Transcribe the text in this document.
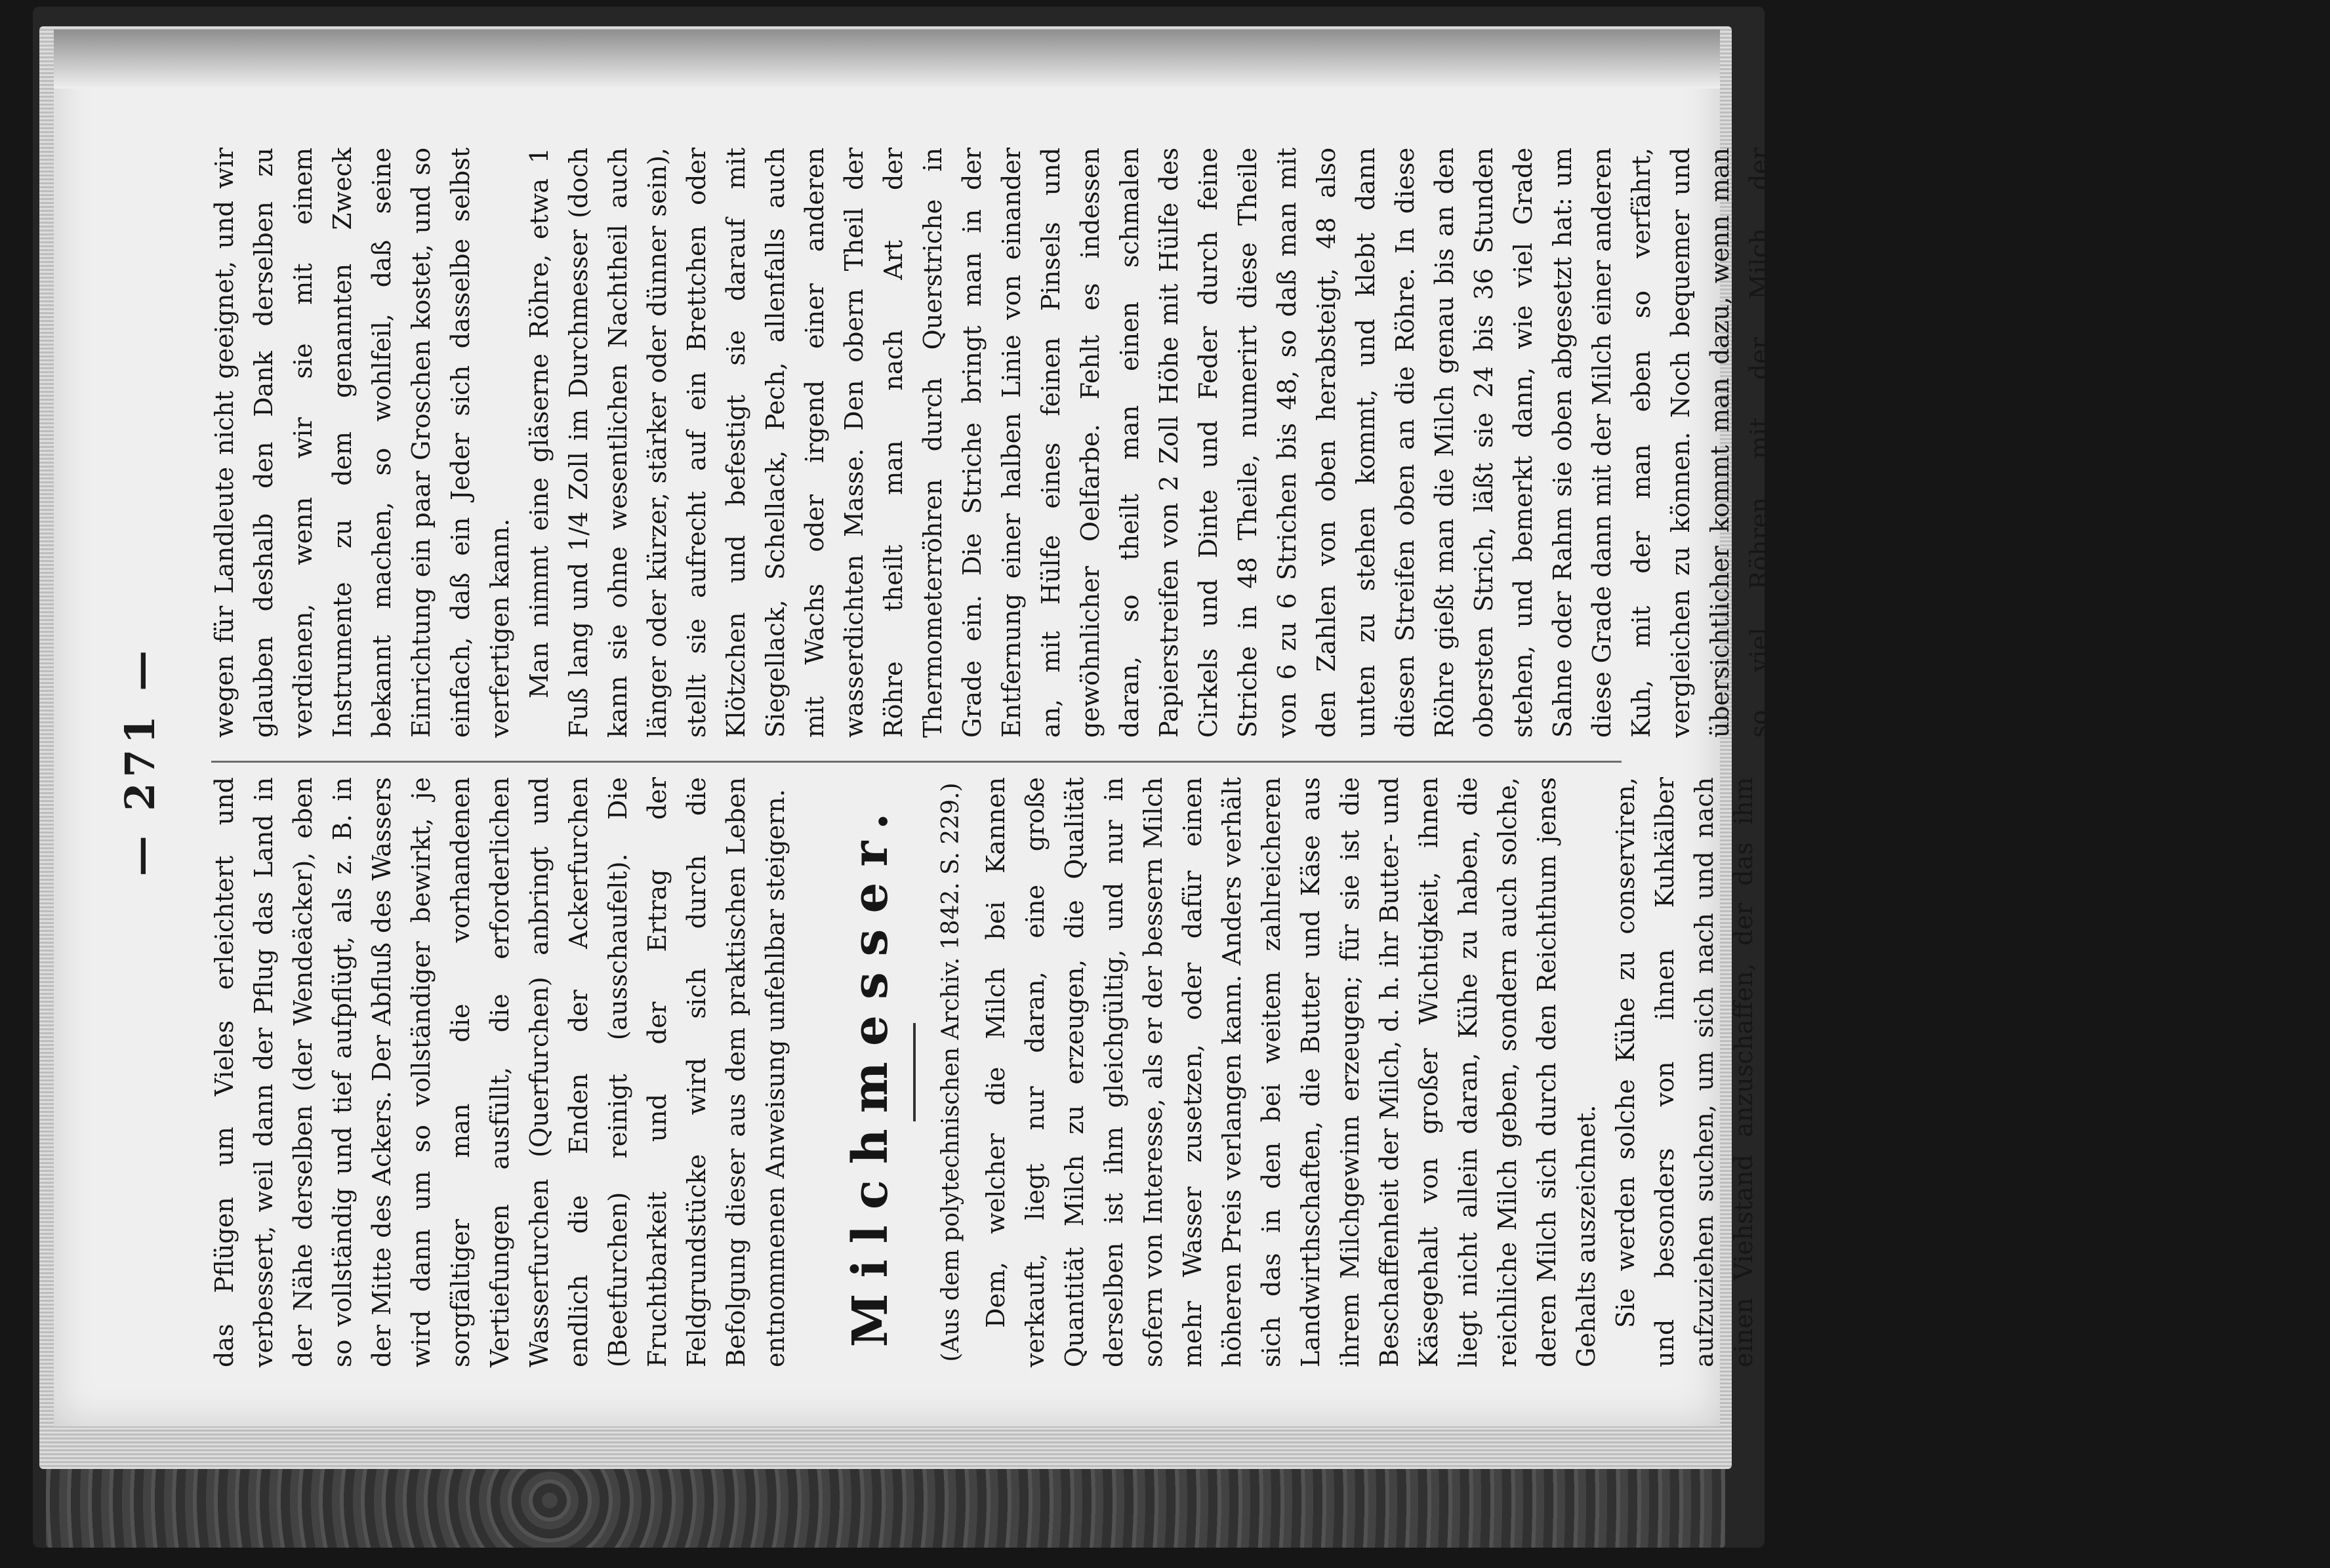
— 271 —

das Pflügen um Vieles erleichtert und verbessert, weil dann der Pflug das Land in der Nähe derselben (der Wendeäcker), eben so vollständig und tief aufpflügt, als z. B. in der Mitte des Ackers. Der Abfluß des Wassers wird dann um so vollständiger bewirkt, je sorgfältiger man die vorhandenen Vertiefungen ausfüllt, die erforderlichen Wasserfurchen (Querfurchen) anbringt und endlich die Enden der Ackerfurchen (Beetfurchen) reinigt (ausschaufelt). Die Fruchtbarkeit und der Ertrag der Feldgrundstücke wird sich durch die Befolgung dieser aus dem praktischen Leben entnommenen Anweisung unfehlbar steigern. Milchmesser. (Aus dem polytechnischen Archiv. 1842. S. 229.) Dem, welcher die Milch bei Kannen verkauft, liegt nur daran, eine große Quantität Milch zu erzeugen, die Qualität derselben ist ihm gleichgültig, und nur in sofern von Interesse, als er der bessern Milch mehr Wasser zusetzen, oder dafür einen höheren Preis verlangen kann. Anders verhält sich das in den bei weitem zahlreicheren Landwirthschaften, die Butter und Käse aus ihrem Milchgewinn erzeugen; für sie ist die Beschaffenheit der Milch, d. h. ihr Butter- und Käsegehalt von großer Wichtigkeit, ihnen liegt nicht allein daran, Kühe zu haben, die reichliche Milch geben, sondern auch solche, deren Milch sich durch den Reichthum jenes Gehalts auszeichnet. Sie werden solche Kühe zu conserviren, und besonders von ihnen Kuhkälber aufzuziehen suchen, um sich nach und nach einen Viehstand anzuschaffen, der das ihm dargereichte Futter so hoch als möglich bezahlt macht. Nun giebt es der Lactometer (Milchmesser) oder der Instrumente zum Messen des Butter- und Käsegehalts der Milch gar mancherlei; ganz kürzlich wurde erst ein solches von dem Oberapotheker am Charité-Hospital in Paris in einer eigenen Brochüre: »Memoire sur le lait« in Vorschlag gebracht, aber alle jene Instrumente und Vorkehrungen sind ihrer Künstlichkeit und Kostbarkeit

wegen für Landleute nicht geeignet, und wir glauben deshalb den Dank derselben zu verdienen, wenn wir sie mit einem Instrumente zu dem genannten Zweck bekannt machen, so wohlfeil, daß seine Einrichtung ein paar Groschen kostet, und so einfach, daß ein Jeder sich dasselbe selbst verfertigen kann. Man nimmt eine gläserne Röhre, etwa 1 Fuß lang und 1/4 Zoll im Durchmesser (doch kann sie ohne wesentlichen Nachtheil auch länger oder kürzer, stärker oder dünner sein), stellt sie aufrecht auf ein Brettchen oder Klötzchen und befestigt sie darauf mit Siegellack, Schellack, Pech, allenfalls auch mit Wachs oder irgend einer anderen wasserdichten Masse. Den obern Theil der Röhre theilt man nach Art der Thermometerröhren durch Querstriche in Grade ein. Die Striche bringt man in der Entfernung einer halben Linie von einander an, mit Hülfe eines feinen Pinsels und gewöhnlicher Oelfarbe. Fehlt es indessen daran, so theilt man einen schmalen Papierstreifen von 2 Zoll Höhe mit Hülfe des Cirkels und Dinte und Feder durch feine Striche in 48 Theile, numerirt diese Theile von 6 zu 6 Strichen bis 48, so daß man mit den Zahlen von oben herabsteigt, 48 also unten zu stehen kommt, und klebt dann diesen Streifen oben an die Röhre. In diese Röhre gießt man die Milch genau bis an den obersten Strich, läßt sie 24 bis 36 Stunden stehen, und bemerkt dann, wie viel Grade Sahne oder Rahm sie oben abgesetzt hat: um diese Grade dann mit der Milch einer anderen Kuh, mit der man eben so verfährt, vergleichen zu können. Noch bequemer und übersichtlicher kommt man dazu, wenn man so viel Röhren mit der Milch der verschiedenen Kühe anfüllt, als Kühe verglichen werden sollen. Doch ist wohl darauf zu achten, daß man von jeder Kuh entweder die Morgen- oder die Abendmilch nehme, auch das ganze Gemelke einer Kuh durcheinandermenge und dann erst davon in die Röhre gieße, denn die erste Milch, die aus dem Euter kommt, enthält weniger Sahnetheile, als die später gemolkene. Will man dagegen den Käsegehalt der Milch prüfen, so ist es nöthig, daß man die oben angegebenen Grade oder Striche am untern Theile der Röhre anbringe, da die Käsetheile zu Boden
